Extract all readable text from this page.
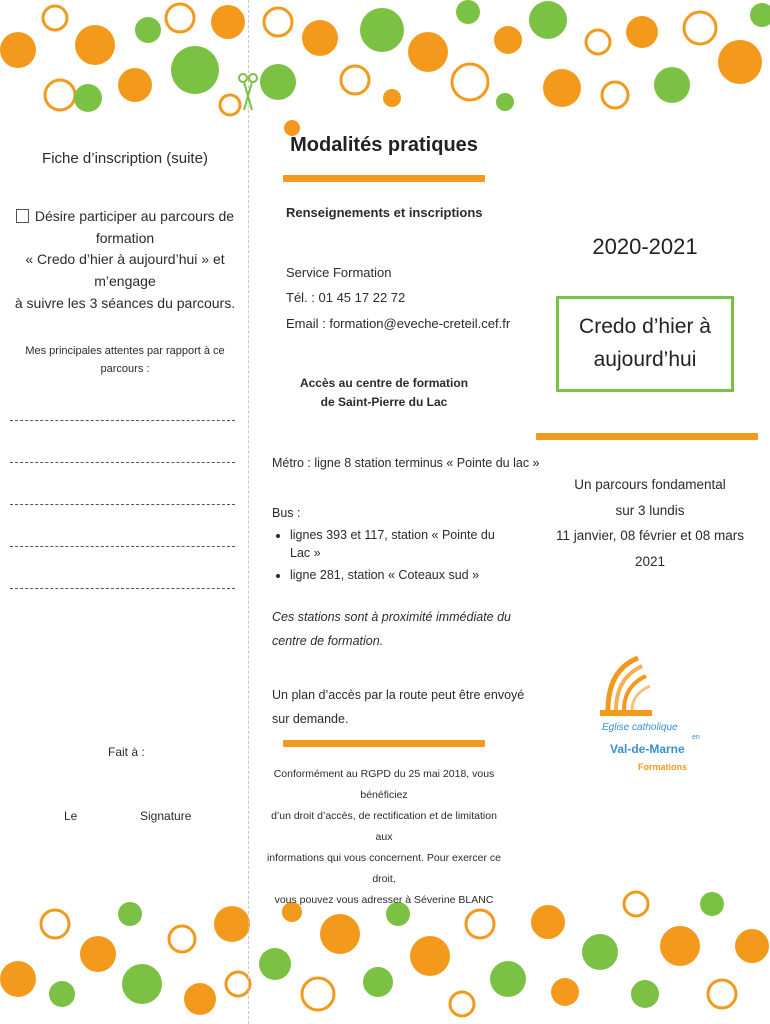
Fiche d’inscription (suite)
Désire participer au parcours de formation
« Credo d’hier à aujourd’hui » et m’engage
à suivre les 3 séances du parcours.
Mes principales attentes par rapport à ce
parcours :
Fait à :
Le	Signature
Modalités pratiques
Renseignements et inscriptions
Service Formation
Tél. : 01 45 17 22 72
Email : formation@eveche-creteil.cef.fr
Accès au centre de formation
de Saint-Pierre du Lac
Métro : ligne 8 station terminus « Pointe du lac »
Bus :
• lignes 393 et 117, station « Pointe du Lac »
• ligne 281, station « Coteaux sud »
Ces stations sont à proximité immédiate du
centre de formation.
Un plan d’accès par la route peut être envoyé
sur demande.
Conformément au RGPD du 25 mai 2018, vous bénéficiez
d’un droit d’accès, de rectification et de limitation aux
informations qui vous concernent. Pour exercer ce droit,
vous pouvez vous adresser à Séverine BLANC
2020-2021
Credo d’hier à
aujourd’hui
Un parcours fondamental
sur 3 lundis
11 janvier, 08 février et 08 mars 2021
Eglise catholique
en
Val-de-Marne
Formations
